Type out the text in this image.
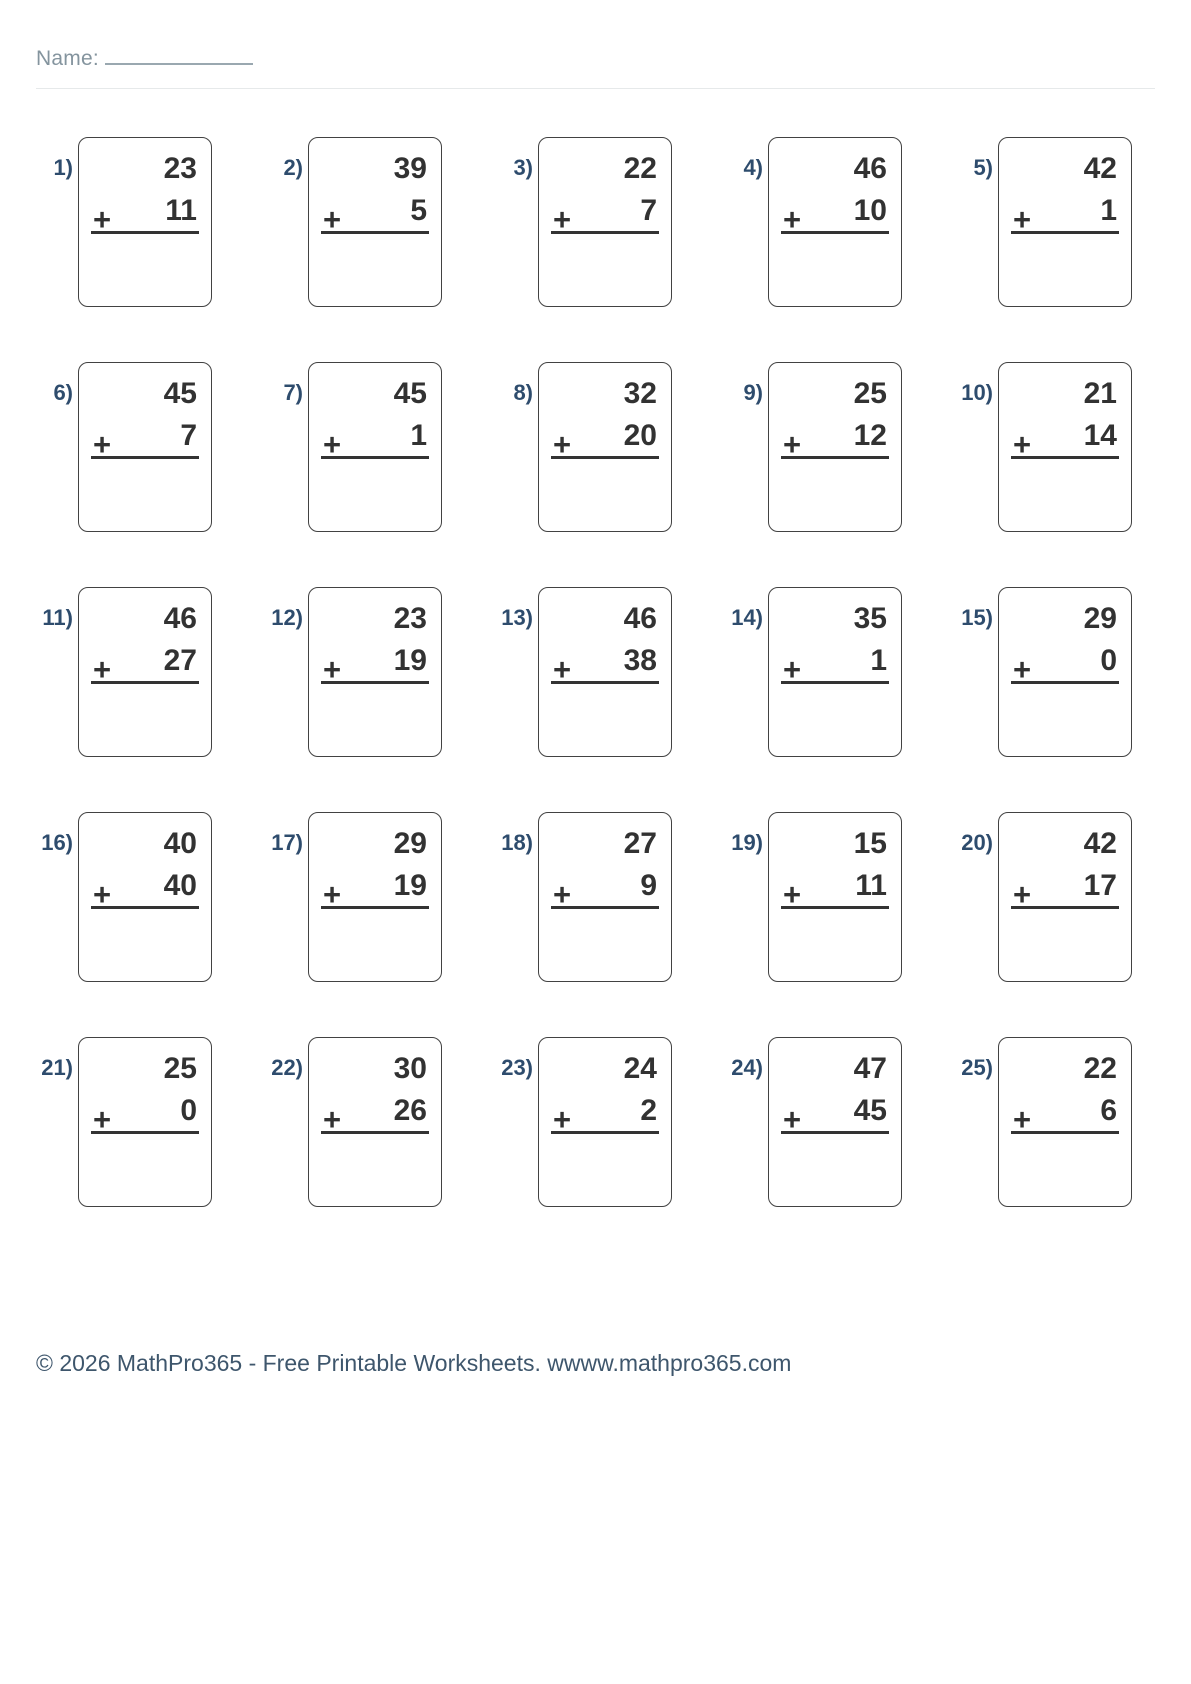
Name:
1)	23
+ 11
2)	39
+ 5
3)	22
+ 7
4)	46
+ 10
5)	42
+ 1
6)	45
+ 7
7)	45
+ 1
8)	32
+ 20
9)	25
+ 12
10)	21
+ 14
11)	46
+ 27
12)	23
+ 19
13)	46
+ 38
14)	35
+ 1
15)	29
+ 0
16)	40
+ 40
17)	29
+ 19
18)	27
+ 9
19)	15
+ 11
20)	42
+ 17
21)	25
+ 0
22)	30
+ 26
23)	24
+ 2
24)	47
+ 45
25)	22
+ 6
© 2026 MathPro365 - Free Printable Worksheets. wwww.mathpro365.com
